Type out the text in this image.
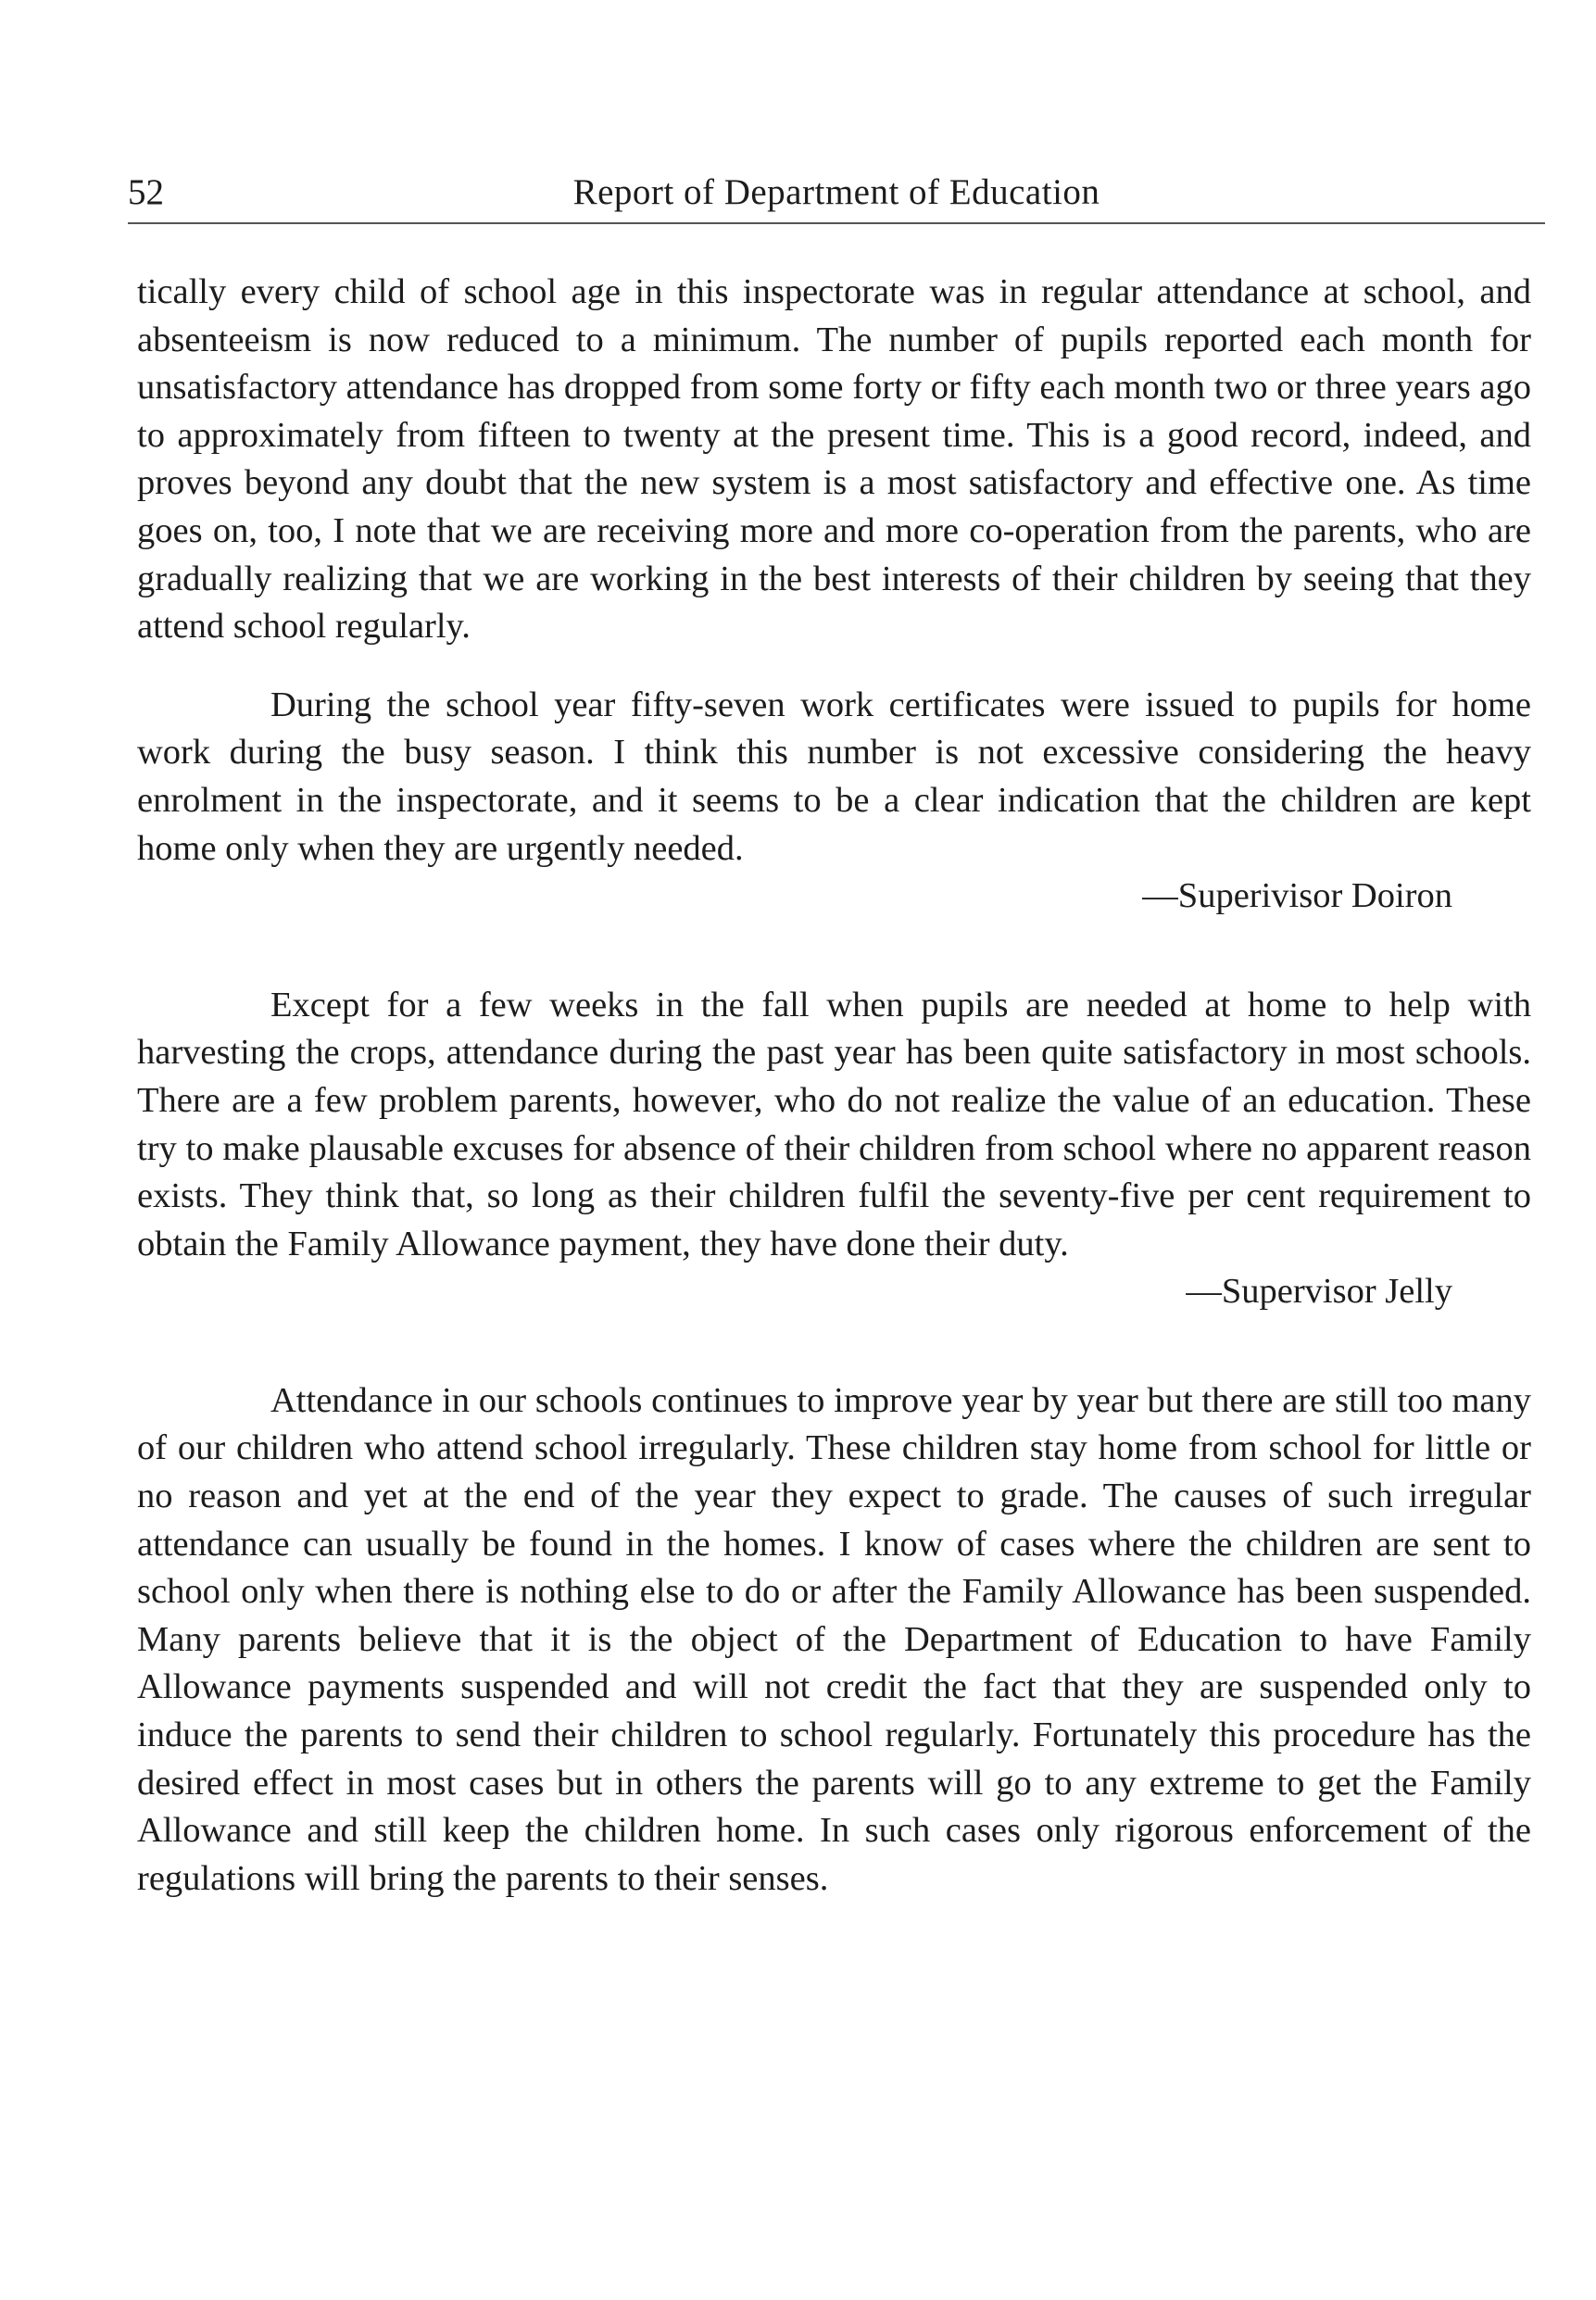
52	Report of Department of Education

tically every child of school age in this inspectorate was in regular attendance at school, and absenteeism is now reduced to a minimum. The number of pupils reported each month for unsatisfactory attendance has dropped from some forty or fifty each month two or three years ago to approximately from fifteen to twenty at the present time. This is a good record, indeed, and proves beyond any doubt that the new system is a most satisfactory and effective one. As time goes on, too, I note that we are receiving more and more co-operation from the parents, who are gradually realizing that we are working in the best interests of their children by seeing that they attend school regularly.

During the school year fifty-seven work certificates were issued to pupils for home work during the busy season. I think this number is not excessive considering the heavy enrolment in the inspectorate, and it seems to be a clear indication that the children are kept home only when they are urgently needed.

—Superivisor Doiron

Except for a few weeks in the fall when pupils are needed at home to help with harvesting the crops, attendance during the past year has been quite satisfactory in most schools. There are a few problem parents, however, who do not realize the value of an education. These try to make plausable excuses for absence of their children from school where no apparent reason exists. They think that, so long as their children fulfil the seventy-five per cent requirement to obtain the Family Allowance payment, they have done their duty.

—Supervisor Jelly

Attendance in our schools continues to improve year by year but there are still too many of our children who attend school irregularly. These children stay home from school for little or no reason and yet at the end of the year they expect to grade. The causes of such irregular attendance can usually be found in the homes. I know of cases where the children are sent to school only when there is nothing else to do or after the Family Allowance has been suspended. Many parents believe that it is the object of the Department of Education to have Family Allowance payments suspended and will not credit the fact that they are suspended only to induce the parents to send their children to school regularly. Fortunately this procedure has the desired effect in most cases but in others the parents will go to any extreme to get the Family Allowance and still keep the children home. In such cases only rigorous enforcement of the regulations will bring the parents to their senses.
